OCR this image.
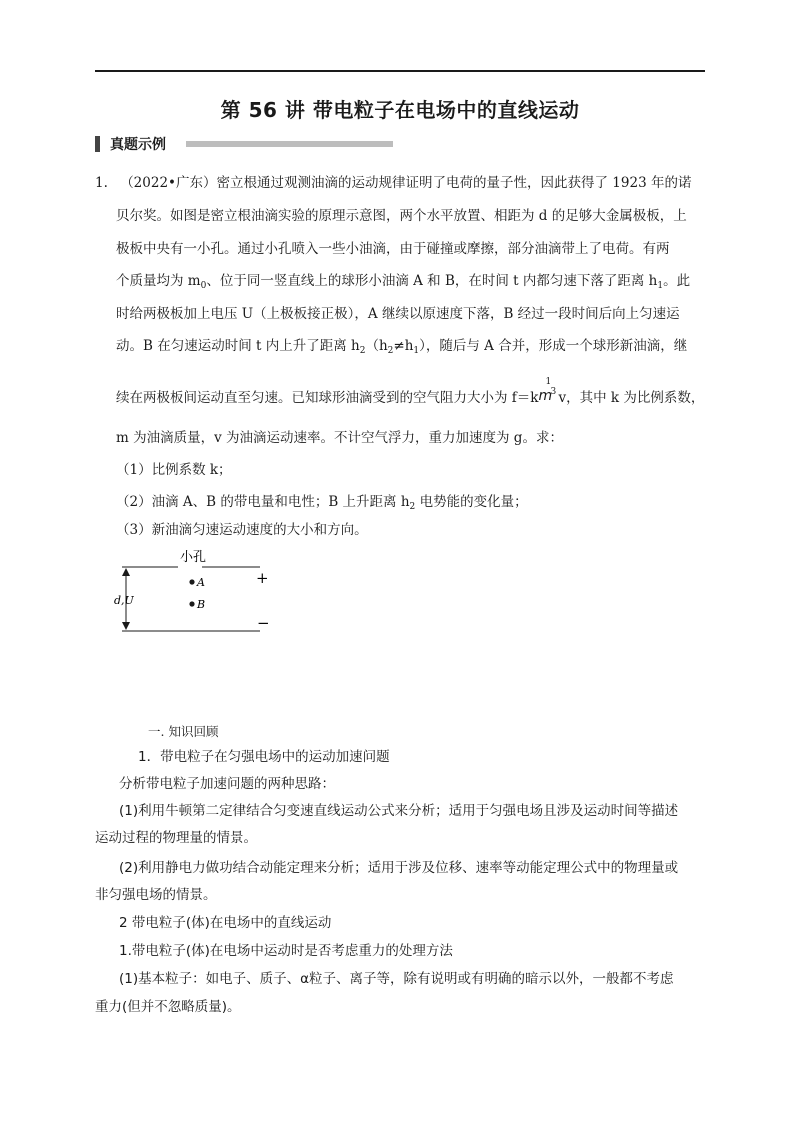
第 56 讲 带电粒子在电场中的直线运动
真题示例
1. （2022•广东）密立根通过观测油滴的运动规律证明了电荷的量子性，因此获得了 1923 年的诺
贝尔奖。如图是密立根油滴实验的原理示意图，两个水平放置、相距为 d 的足够大金属极板，上
极板中央有一小孔。通过小孔喷入一些小油滴，由于碰撞或摩擦，部分油滴带上了电荷。有两
个质量均为 $m_0$、位于同一竖直线上的球形小油滴 A 和 B，在时间 t 内都匀速下落了距离 $h_1$。此
时给两极板加上电压 U（上极板接正极），A 继续以原速度下落，B 经过一段时间后向上匀速运
动。B 在匀速运动时间 t 内上升了距离 $h_2(h_2\ne h_1)$，随后与 A 合并，形成一个球形新油滴，继
续在两极板间运动直至匀速。已知球形油滴受到的空气阻力大小为 f＝k
1
m
3 v，其中 k 为比例系数，
m 为油滴质量，v 为油滴运动速率。不计空气浮力，重力加速度为 g。求：
（1）比例系数 k；
（2）油滴 A、B 的带电量和电性；B 上升距离 $h_2$ 电势能的变化量；
（3）新油滴匀速运动速度的大小和方向。
小孔
d,U
A
B
+
−
一. 知识回顾
1．带电粒子在匀强电场中的运动加速问题
分析带电粒子加速问题的两种思路：
(1)利用牛顿第二定律结合匀变速直线运动公式来分析；适用于匀强电场且涉及运动时间等描述
运动过程的物理量的情景。
(2)利用静电力做功结合动能定理来分析；适用于涉及位移、速率等动能定理公式中的物理量或
非匀强电场的情景。
2 带电粒子(体)在电场中的直线运动
1.带电粒子(体)在电场中运动时是否考虑重力的处理方法
(1)基本粒子：如电子、质子、α粒子、离子等，除有说明或有明确的暗示以外，一般都不考虑
重力(但并不忽略质量)。
